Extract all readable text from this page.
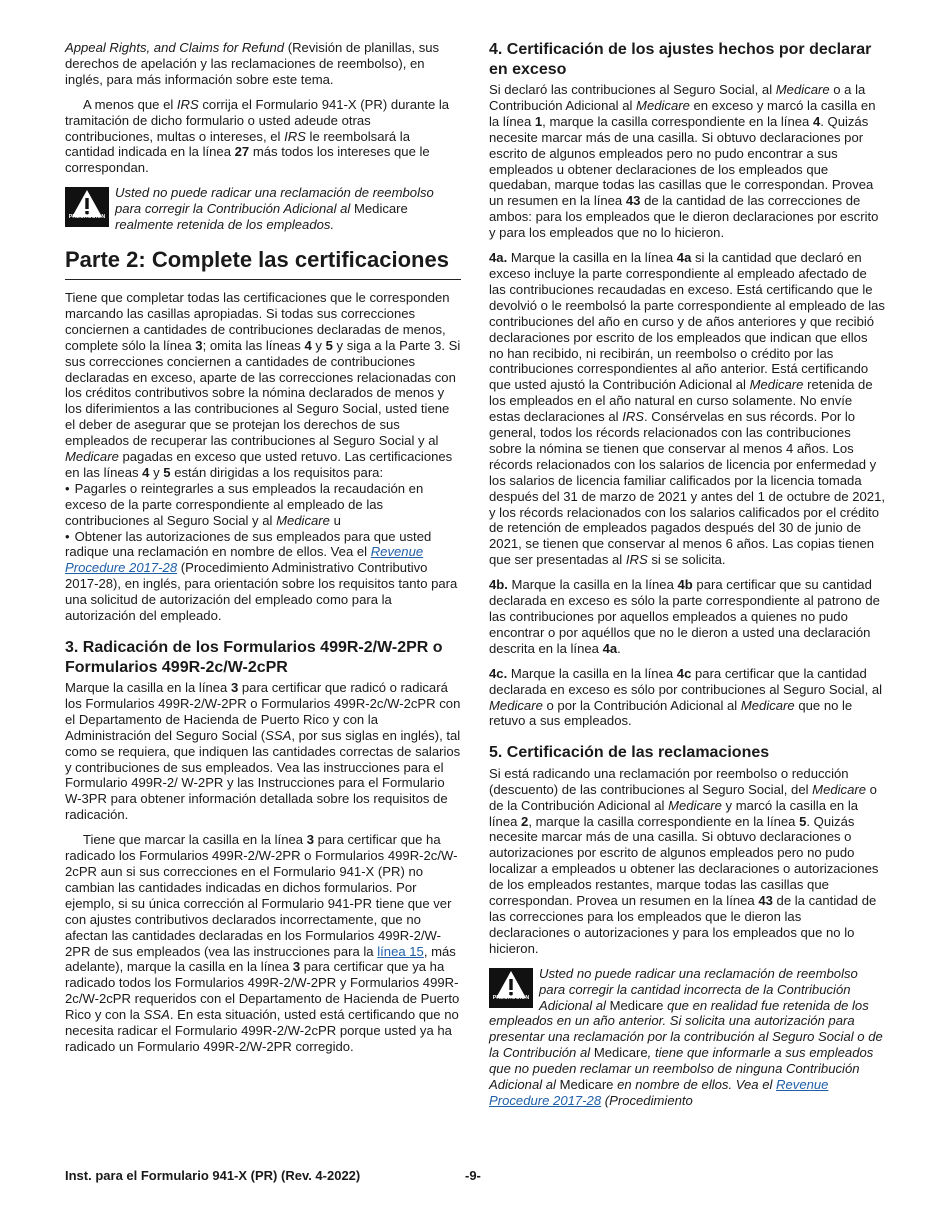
Appeal Rights, and Claims for Refund (Revisión de planillas, sus derechos de apelación y las reclamaciones de reembolso), en inglés, para más información sobre este tema.

A menos que el IRS corrija el Formulario 941-X (PR) durante la tramitación de dicho formulario o usted adeude otras contribuciones, multas o intereses, el IRS le reembolsará la cantidad indicada en la línea 27 más todos los intereses que le correspondan.

PRECAUCION

Usted no puede radicar una reclamación de reembolso para corregir la Contribución Adicional al Medicare realmente retenida de los empleados.

Parte 2: Complete las certificaciones

Tiene que completar todas las certificaciones que le corresponden marcando las casillas apropiadas. Si todas sus correcciones conciernen a cantidades de contribuciones declaradas de menos, complete sólo la línea 3; omita las líneas 4 y 5 y siga a la Parte 3. Si sus correcciones conciernen a cantidades de contribuciones declaradas en exceso, aparte de las correcciones relacionadas con los créditos contributivos sobre la nómina declarados de menos y los diferimientos a las contribuciones al Seguro Social, usted tiene el deber de asegurar que se protejan los derechos de sus empleados de recuperar las contribuciones al Seguro Social y al Medicare pagadas en exceso que usted retuvo. Las certificaciones en las líneas 4 y 5 están dirigidas a los requisitos para:

• Pagarles o reintegrarles a sus empleados la recaudación en exceso de la parte correspondiente al empleado de las contribuciones al Seguro Social y al Medicare u

• Obtener las autorizaciones de sus empleados para que usted radique una reclamación en nombre de ellos. Vea el Revenue Procedure 2017-28 (Procedimiento Administrativo Contributivo 2017-28), en inglés, para orientación sobre los requisitos tanto para una solicitud de autorización del empleado como para la autorización del empleado.

3. Radicación de los Formularios 499R-2/W-2PR o Formularios 499R-2c/W-2cPR

Marque la casilla en la línea 3 para certificar que radicó o radicará los Formularios 499R-2/W-2PR o Formularios 499R-2c/W-2cPR con el Departamento de Hacienda de Puerto Rico y con la Administración del Seguro Social (SSA, por sus siglas en inglés), tal como se requiera, que indiquen las cantidades correctas de salarios y contribuciones de sus empleados. Vea las instrucciones para el Formulario 499R-2/ W-2PR y las Instrucciones para el Formulario W-3PR para obtener información detallada sobre los requisitos de radicación.

Tiene que marcar la casilla en la línea 3 para certificar que ha radicado los Formularios 499R-2/W-2PR o Formularios 499R-2c/W-2cPR aun si sus correcciones en el Formulario 941-X (PR) no cambian las cantidades indicadas en dichos formularios. Por ejemplo, si su única corrección al Formulario 941-PR tiene que ver con ajustes contributivos declarados incorrectamente, que no afectan las cantidades declaradas en los Formularios 499R-2/W-2PR de sus empleados (vea las instrucciones para la línea 15, más adelante), marque la casilla en la línea 3 para certificar que ya ha radicado todos los Formularios 499R-2/W-2PR y Formularios 499R-2c/W-2cPR requeridos con el Departamento de Hacienda de Puerto Rico y con la SSA. En esta situación, usted está certificando que no necesita radicar el Formulario 499R-2/W-2cPR porque usted ya ha radicado un Formulario 499R-2/W-2PR corregido.

4. Certificación de los ajustes hechos por declarar en exceso

Si declaró las contribuciones al Seguro Social, al Medicare o a la Contribución Adicional al Medicare en exceso y marcó la casilla en la línea 1, marque la casilla correspondiente en la línea 4. Quizás necesite marcar más de una casilla. Si obtuvo declaraciones por escrito de algunos empleados pero no pudo encontrar a sus empleados u obtener declaraciones de los empleados que quedaban, marque todas las casillas que le correspondan. Provea un resumen en la línea 43 de la cantidad de las correcciones de ambos: para los empleados que le dieron declaraciones por escrito y para los empleados que no lo hicieron.

4a. Marque la casilla en la línea 4a si la cantidad que declaró en exceso incluye la parte correspondiente al empleado afectado de las contribuciones recaudadas en exceso. Está certificando que le devolvió o le reembolsó la parte correspondiente al empleado de las contribuciones del año en curso y de años anteriores y que recibió declaraciones por escrito de los empleados que indican que ellos no han recibido, ni recibirán, un reembolso o crédito por las contribuciones correspondientes al año anterior. Está certificando que usted ajustó la Contribución Adicional al Medicare retenida de los empleados en el año natural en curso solamente. No envíe estas declaraciones al IRS. Consérvelas en sus récords. Por lo general, todos los récords relacionados con las contribuciones sobre la nómina se tienen que conservar al menos 4 años. Los récords relacionados con los salarios de licencia por enfermedad y los salarios de licencia familiar calificados por la licencia tomada después del 31 de marzo de 2021 y antes del 1 de octubre de 2021, y los récords relacionados con los salarios calificados por el crédito de retención de empleados pagados después del 30 de junio de 2021, se tienen que conservar al menos 6 años. Las copias tienen que ser presentadas al IRS si se solicita.

4b. Marque la casilla en la línea 4b para certificar que su cantidad declarada en exceso es sólo la parte correspondiente al patrono de las contribuciones por aquellos empleados a quienes no pudo encontrar o por aquéllos que no le dieron a usted una declaración descrita en la línea 4a.

4c. Marque la casilla en la línea 4c para certificar que la cantidad declarada en exceso es sólo por contribuciones al Seguro Social, al Medicare o por la Contribución Adicional al Medicare que no le retuvo a sus empleados.

5. Certificación de las reclamaciones

Si está radicando una reclamación por reembolso o reducción (descuento) de las contribuciones al Seguro Social, del Medicare o de la Contribución Adicional al Medicare y marcó la casilla en la línea 2, marque la casilla correspondiente en la línea 5. Quizás necesite marcar más de una casilla. Si obtuvo declaraciones o autorizaciones por escrito de algunos empleados pero no pudo localizar a empleados u obtener las declaraciones o autorizaciones de los empleados restantes, marque todas las casillas que correspondan. Provea un resumen en la línea 43 de la cantidad de las correcciones para los empleados que le dieron las declaraciones o autorizaciones y para los empleados que no lo hicieron.

PRECAUCION

Usted no puede radicar una reclamación de reembolso para corregir la cantidad incorrecta de la Contribución Adicional al Medicare que en realidad fue retenida de los empleados en un año anterior. Si solicita una autorización para presentar una reclamación por la contribución al Seguro Social o de la Contribución al Medicare, tiene que informarle a sus empleados que no pueden reclamar un reembolso de ninguna Contribución Adicional al Medicare en nombre de ellos. Vea el Revenue Procedure 2017-28 (Procedimiento

Inst. para el Formulario 941-X (PR) (Rev. 4-2022)	-9-
